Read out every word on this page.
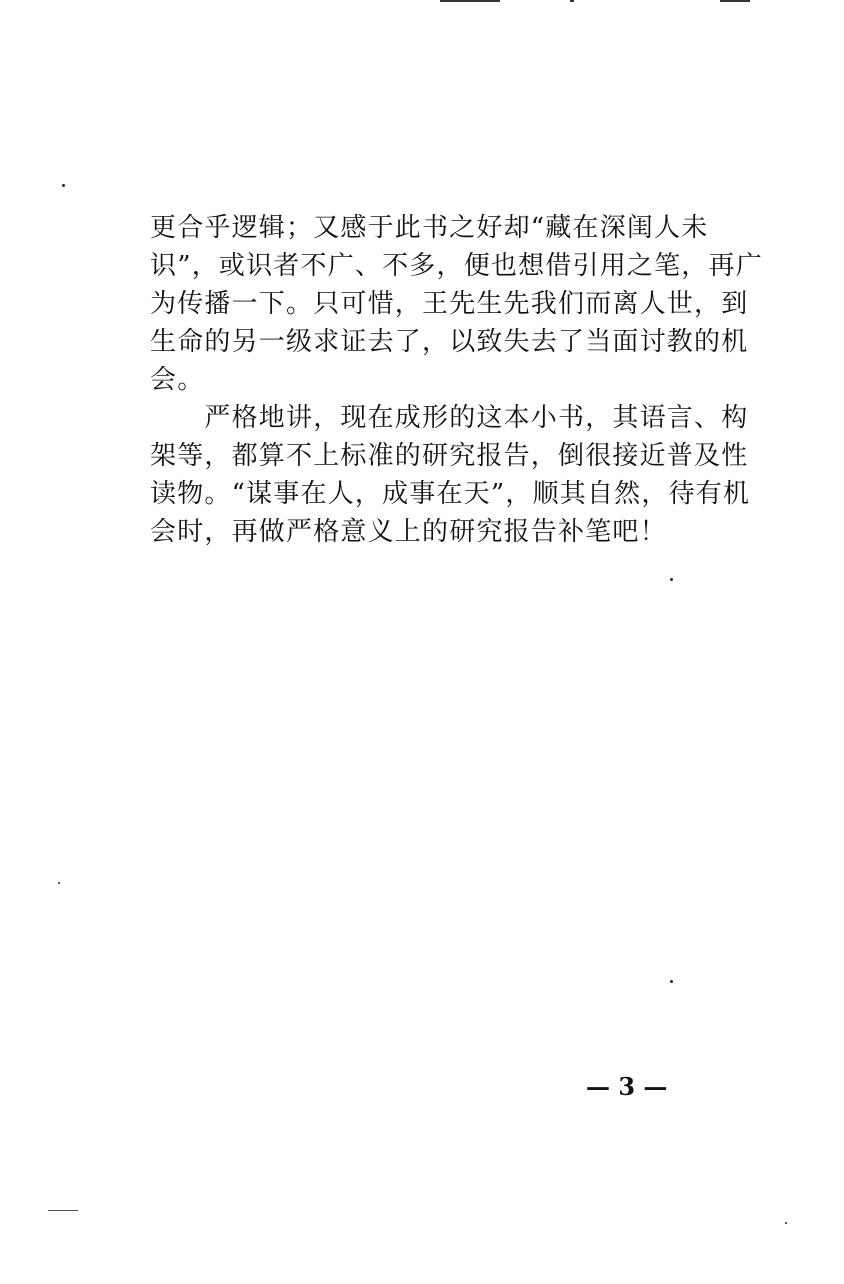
更合乎逻辑；又感于此书之好却“藏在深闺人未
识”，或识者不广、不多，便也想借引用之笔，再广
为传播一下。只可惜，王先生先我们而离人世，到
生命的另一级求证去了，以致失去了当面讨教的机
会。
　　严格地讲，现在成形的这本小书，其语言、构
架等，都算不上标准的研究报告，倒很接近普及性
读物。“谋事在人，成事在天”，顺其自然，待有机
会时，再做严格意义上的研究报告补笔吧！
— 3 —
